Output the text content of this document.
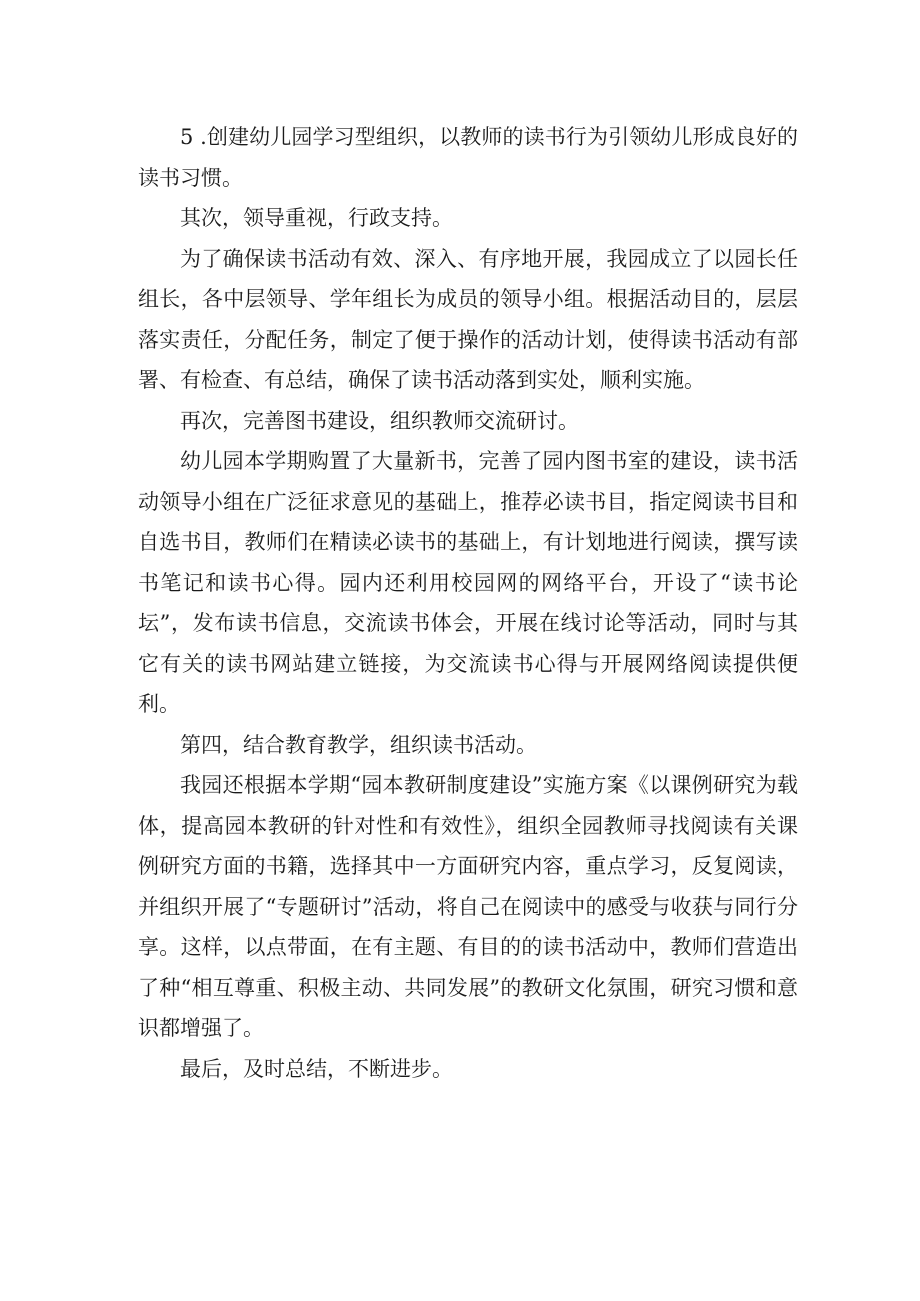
5 .创建幼儿园学习型组织，以教师的读书行为引领幼儿形成良好的读书习惯。

其次，领导重视，行政支持。

为了确保读书活动有效、深入、有序地开展，我园成立了以园长任组长，各中层领导、学年组长为成员的领导小组。根据活动目的，层层落实责任，分配任务，制定了便于操作的活动计划，使得读书活动有部署、有检查、有总结，确保了读书活动落到实处，顺利实施。

再次，完善图书建设，组织教师交流研讨。

幼儿园本学期购置了大量新书，完善了园内图书室的建设，读书活动领导小组在广泛征求意见的基础上，推荐必读书目，指定阅读书目和自选书目，教师们在精读必读书的基础上，有计划地进行阅读，撰写读书笔记和读书心得。园内还利用校园网的网络平台，开设了“读书论坛”，发布读书信息，交流读书体会，开展在线讨论等活动，同时与其它有关的读书网站建立链接，为交流读书心得与开展网络阅读提供便利。

第四，结合教育教学，组织读书活动。

我园还根据本学期“园本教研制度建设”实施方案《以课例研究为载体，提高园本教研的针对性和有效性》，组织全园教师寻找阅读有关课例研究方面的书籍，选择其中一方面研究内容，重点学习，反复阅读，并组织开展了“专题研讨”活动，将自己在阅读中的感受与收获与同行分享。这样，以点带面，在有主题、有目的的读书活动中，教师们营造出了种“相互尊重、积极主动、共同发展”的教研文化氛围，研究习惯和意识都增强了。

最后，及时总结，不断进步。
